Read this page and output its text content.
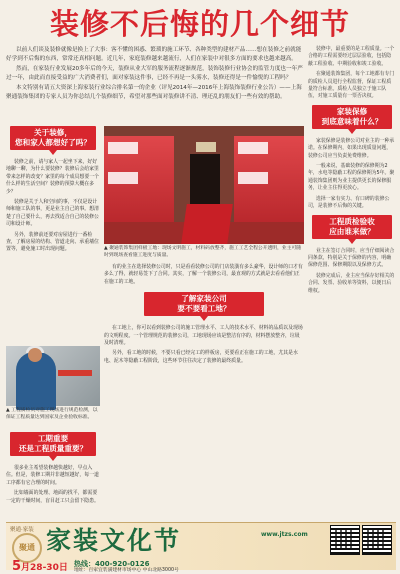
装修不后悔的几个细节

以前人们谈及装修就像是换上了大事：客不懂的困惑、繁琐的施工环节、各种类型的建材产品……想在装修之前就能好学到不后悔的东西，常常还真相问题。近几年，家庭装修越来越流行，人们在家装中对很多方面的要求也越来越高。

然而，在家装行业发展20多年后的今天，装修从业大军的服务流程逐渐规范，装饰装修行业协会的监管力度也一年严过一年，由此而直接受益的广大消费者们，面对家装这件事，已经不再是一头雾水，装修还得是一件愉悦的工程吗？

本文特别有请五大资深上海家装行业综合排名第一的企业（评见2014年—2016年上海装饰装修行业公告）——上海聚通装饰集团的专家人员为你总结几个装修细节，希望对那些面对装修讲不清、理还乱的朋友们一些有效的帮助。

关于装修，
您和家人都想好了吗？

装修之前，请与家人一起坐下来，好好地聊一聊，为什么要装修？装修后会给家里带来怎样的改变？家里的每个成员想要一个什么样的生活空间？装修的预算大概在多少？

装修是关于人和空间的事，不仅是设计师和施工队的事，更是业主自己的事。想清楚了自己要什么，再去找适合自己的装修公司和设计师。

另外，装修前还要对房屋进行一番检查，了解房屋的结构、管道走向、承重墙位置等，避免施工时出现问题。	▲ 聚通装饰集团样板工地：现场文明施工，材料码放整齐，施工工艺全程公开透明，业主可随时到现场查看施工进度与质量。

有的业主在选择装修公司时，只是看看装修公司的门店装潢有多么豪华，设计师的口才有多么了得，就轻易签下了合同。其实，了解一个装修公司，最直观的方式就是去看看他们正在施工的工地。

了解家装公司
要不要看工地？

在工地上，你可以看到装修公司的施工管理水平、工人的技术水平、材料的品质以及现场的文明程度。一个管理规范的装修公司，工地现场应该是整洁有序的，材料摆放整齐，垃圾及时清理。

另外，看工地的时候，不要只看已经完工的样板房，更要看正在施工的工地，尤其是水电、泥木等隐蔽工程阶段，这些环节往往决定了装修的最终质量。

▲ 工程质检员对施工现场进行规范检测，以保证工程质量达到国家及企业验收标准。
工期重要
还是工程质量重要？

很多业主希望装修越快越好，早点入住。但是，装修工期并非越短越好，每一道工序都有它合理的时间。

比如墙面的处理、地面的找平，都需要一定的干燥时间，盲目赶工只会留下隐患。

装修中，最重要的是工程质量。一个合格的工程需要经过层层验收，包括隐蔽工程验收、中期验收和竣工验收。

在聚通装饰集团，每个工地都有专门的质检人员进行全程监督，保证工程质量符合标准。质检人员独立于施工队伍，对施工质量有一票否决权。

家装保修
到底意味着什么？

家装保修是装修公司对业主的一种承诺。在保修期内，如果出现质量问题，装修公司应当负责免费维修。

一般来说，基础装修的保修期为2年，水电等隐蔽工程的保修期为5年。聚通装饰集团则为业主提供更长的保修服务，让业主住得更放心。

选择一家有实力、有口碑的装修公司，是装修不后悔的关键。

工程质检验收
应由谁来做？

业主在签订合同时，应当仔细阅读合同条款，特别是关于保修的内容，明确保修范围、保修期限以及保修方式。

装修完成后，业主应当保存好相关的合同、发票、验收单等资料，以便日后维权。

聚通·家装
聚通 家装文化节	www.jtzs.com
5月28-30日 热线：400-920-0126
地址：百家宜装潢建材市场中心 中山北路3000号
